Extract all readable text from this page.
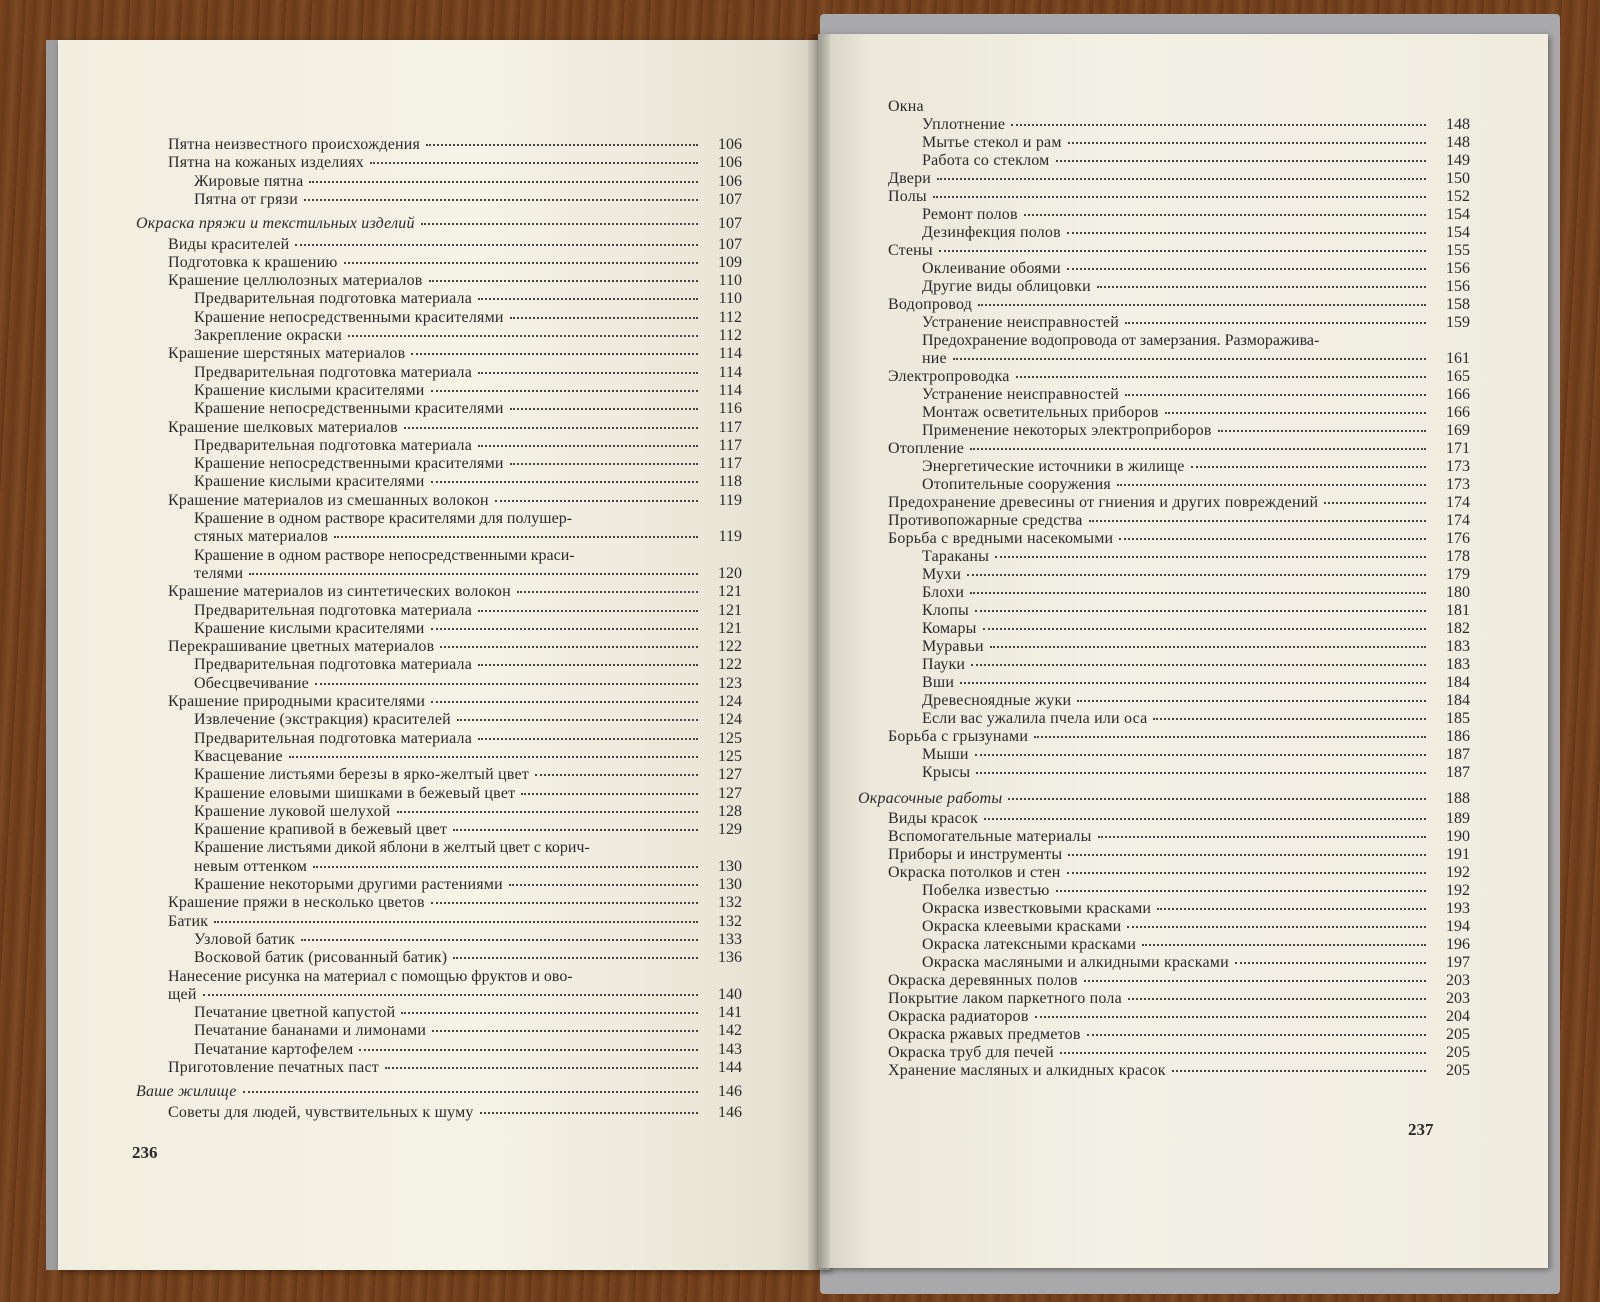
Пятна неизвестного происхождения	106
Пятна на кожаных изделиях	106
Жировые пятна	106
Пятна от грязи	107
Окраска пряжи и текстильных изделий	107
Виды красителей	107
Подготовка к крашению	109
Крашение целлюлозных материалов	110
Предварительная подготовка материала	110
Крашение непосредственными красителями	112
Закрепление окраски	112
Крашение шерстяных материалов	114
Предварительная подготовка материала	114
Крашение кислыми красителями	114
Крашение непосредственными красителями	116
Крашение шелковых материалов	117
Предварительная подготовка материала	117
Крашение непосредственными красителями	117
Крашение кислыми красителями	118
Крашение материалов из смешанных волокон	119
Крашение в одном растворе красителями для полушер-
стяных материалов	119
Крашение в одном растворе непосредственными краси-
телями	120
Крашение материалов из синтетических волокон	121
Предварительная подготовка материала	121
Крашение кислыми красителями	121
Перекрашивание цветных материалов	122
Предварительная подготовка материала	122
Обесцвечивание	123
Крашение природными красителями	124
Извлечение (экстракция) красителей	124
Предварительная подготовка материала	125
Квасцевание	125
Крашение листьями березы в ярко-желтый цвет	127
Крашение еловыми шишками в бежевый цвет	127
Крашение луковой шелухой	128
Крашение крапивой в бежевый цвет	129
Крашение листьями дикой яблони в желтый цвет с корич-
невым оттенком	130
Крашение некоторыми другими растениями	130
Крашение пряжи в несколько цветов	132
Батик	132
Узловой батик	133
Восковой батик (рисованный батик)	136
Нанесение рисунка на материал с помощью фруктов и ово-
щей	140
Печатание цветной капустой	141
Печатание бананами и лимонами	142
Печатание картофелем	143
Приготовление печатных паст	144
Ваше жилище	146
Советы для людей, чувствительных к шуму	146
236
Окна
Уплотнение	148
Мытье стекол и рам	148
Работа со стеклом	149
Двери	150
Полы	152
Ремонт полов	154
Дезинфекция полов	154
Стены	155
Оклеивание обоями	156
Другие виды облицовки	156
Водопровод	158
Устранение неисправностей	159
Предохранение водопровода от замерзания. Разморажива-
ние	161
Электропроводка	165
Устранение неисправностей	166
Монтаж осветительных приборов	166
Применение некоторых электроприборов	169
Отопление	171
Энергетические источники в жилище	173
Отопительные сооружения	173
Предохранение древесины от гниения и других повреждений	174
Противопожарные средства	174
Борьба с вредными насекомыми	176
Тараканы	178
Мухи	179
Блохи	180
Клопы	181
Комары	182
Муравьи	183
Пауки	183
Вши	184
Древесноядные жуки	184
Если вас ужалила пчела или оса	185
Борьба с грызунами	186
Мыши	187
Крысы	187
Окрасочные работы	188
Виды красок	189
Вспомогательные материалы	190
Приборы и инструменты	191
Окраска потолков и стен	192
Побелка известью	192
Окраска известковыми красками	193
Окраска клеевыми красками	194
Окраска латексными красками	196
Окраска масляными и алкидными красками	197
Окраска деревянных полов	203
Покрытие лаком паркетного пола	203
Окраска радиаторов	204
Окраска ржавых предметов	205
Окраска труб для печей	205
Хранение масляных и алкидных красок	205
237
